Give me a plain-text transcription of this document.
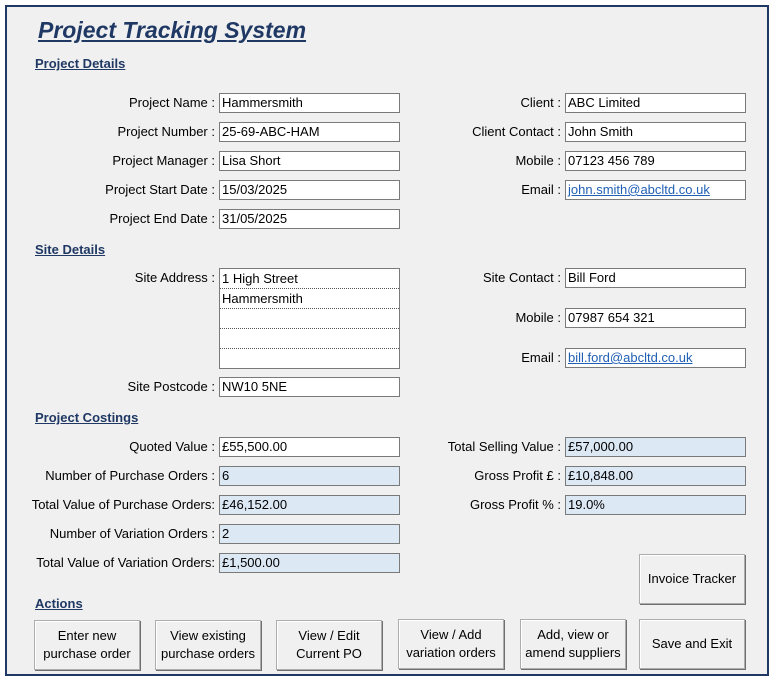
Project Tracking System
Project Details
Project Name : Hammersmith
Project Number : 25-69-ABC-HAM
Project Manager : Lisa Short
Project Start Date : 15/03/2025
Project End Date : 31/05/2025
Client : ABC Limited
Client Contact : John Smith
Mobile : 07123 456 789
Email : john.smith@abcltd.co.uk
Site Details
Site Address : 1 High Street
Hammersmith
Site Postcode : NW10 5NE
Site Contact : Bill Ford
Mobile : 07987 654 321
Email : bill.ford@abcltd.co.uk
Project Costings
Quoted Value : £55,500.00
Number of Purchase Orders : 6
Total Value of Purchase Orders: £46,152.00
Number of Variation Orders : 2
Total Value of Variation Orders: £1,500.00
Total Selling Value : £57,000.00
Gross Profit £ : £10,848.00
Gross Profit % : 19.0%
Invoice Tracker
Actions
Enter new
purchase order
View existing
purchase orders
View / Edit
Current PO
View / Add
variation orders
Add, view or
amend suppliers
Save and Exit
